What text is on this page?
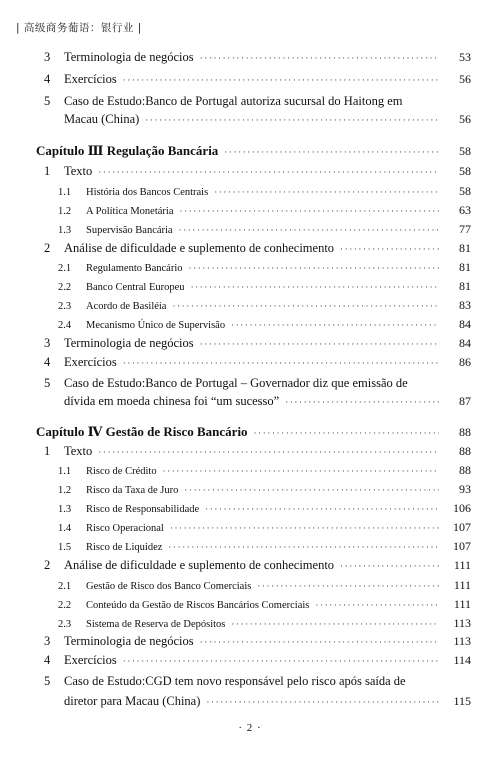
| 高级商务葡语：银行业 |
3	Terminologia de negócios ·····	53
4	Exercícios ·····	56
5	Caso de Estudo:Banco de Portugal autoriza sucursal do Haitong em
Macau (China) ·····	56
Capítulo Ⅲ Regulação Bancária ·····	58
1	Texto ·····	58
1.1	História dos Bancos Centrais ·····	58
1.2	A Política Monetária ·····	63
1.3	Supervisão Bancária ·····	77
2	Análise de dificuldade e suplemento de conhecimento ·····	81
2.1	Regulamento Bancário ·····	81
2.2	Banco Central Europeu ·····	81
2.3	Acordo de Basiléia ·····	83
2.4	Mecanismo Único de Supervisão ·····	84
3	Terminologia de negócios ·····	84
4	Exercícios ·····	86
5	Caso de Estudo:Banco de Portugal – Governador diz que emissão de
dívida em moeda chinesa foi “um sucesso” ·····	87
Capítulo Ⅳ Gestão de Risco Bancário ·····	88
1	Texto ·····	88
1.1	Risco de Crédito ·····	88
1.2	Risco da Taxa de Juro ·····	93
1.3	Risco de Responsabilidade ·····	106
1.4	Risco Operacional ·····	107
1.5	Risco de Liquidez ·····	107
2	Análise de dificuldade e suplemento de conhecimento ·····	111
2.1	Gestão de Risco dos Banco Comerciais ·····	111
2.2	Conteúdo da Gestão de Riscos Bancários Comerciais ·····	111
2.3	Sistema de Reserva de Depósitos ·····	113
3	Terminologia de negócios ·····	113
4	Exercícios ·····	114
5	Caso de Estudo:CGD tem novo responsável pelo risco após saída de
diretor para Macau (China) ·····	115
· 2 ·
